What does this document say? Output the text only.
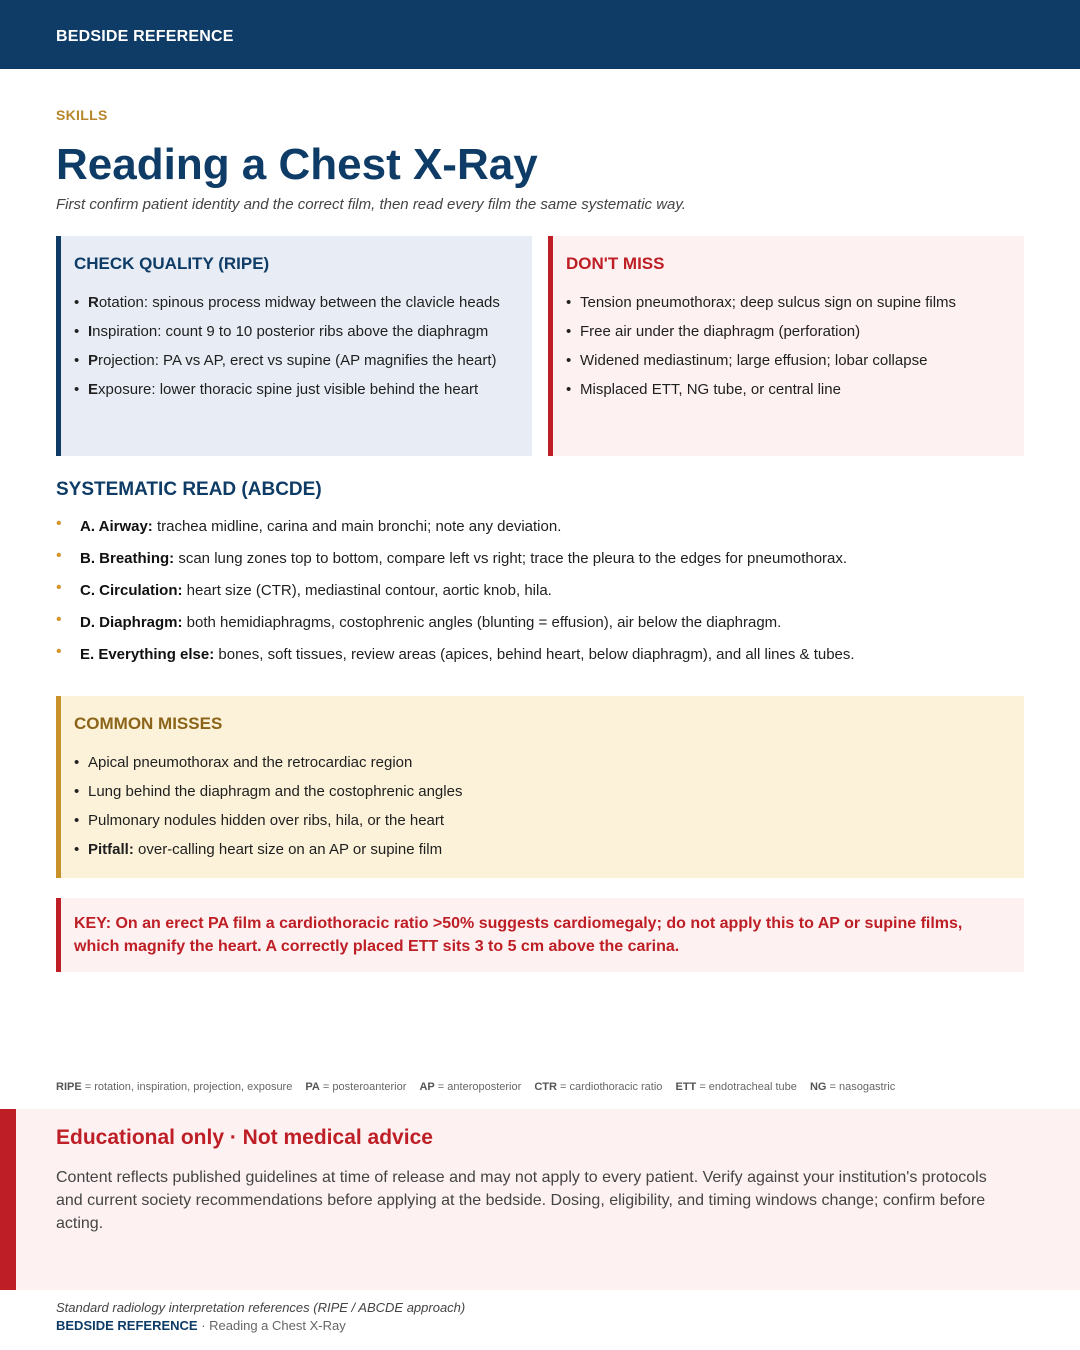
BEDSIDE REFERENCE
SKILLS
Reading a Chest X-Ray
First confirm patient identity and the correct film, then read every film the same systematic way.
CHECK QUALITY (RIPE)
• Rotation: spinous process midway between the clavicle heads
• Inspiration: count 9 to 10 posterior ribs above the diaphragm
• Projection: PA vs AP, erect vs supine (AP magnifies the heart)
• Exposure: lower thoracic spine just visible behind the heart
DON'T MISS
• Tension pneumothorax; deep sulcus sign on supine films
• Free air under the diaphragm (perforation)
• Widened mediastinum; large effusion; lobar collapse
• Misplaced ETT, NG tube, or central line
SYSTEMATIC READ (ABCDE)
• A. Airway: trachea midline, carina and main bronchi; note any deviation.
• B. Breathing: scan lung zones top to bottom, compare left vs right; trace the pleura to the edges for pneumothorax.
• C. Circulation: heart size (CTR), mediastinal contour, aortic knob, hila.
• D. Diaphragm: both hemidiaphragms, costophrenic angles (blunting = effusion), air below the diaphragm.
• E. Everything else: bones, soft tissues, review areas (apices, behind heart, below diaphragm), and all lines & tubes.
COMMON MISSES
• Apical pneumothorax and the retrocardiac region
• Lung behind the diaphragm and the costophrenic angles
• Pulmonary nodules hidden over ribs, hila, or the heart
• Pitfall: over-calling heart size on an AP or supine film
KEY: On an erect PA film a cardiothoracic ratio >50% suggests cardiomegaly; do not apply this to AP or supine films, which magnify the heart. A correctly placed ETT sits 3 to 5 cm above the carina.
RIPE = rotation, inspiration, projection, exposure PA = posteroanterior AP = anteroposterior CTR = cardiothoracic ratio ETT = endotracheal tube NG = nasogastric
Educational only · Not medical advice

Content reflects published guidelines at time of release and may not apply to every patient. Verify against your institution's protocols and current society recommendations before applying at the bedside. Dosing, eligibility, and timing windows change; confirm before acting.

Standard radiology interpretation references (RIPE / ABCDE approach)
BEDSIDE REFERENCE · Reading a Chest X-Ray
